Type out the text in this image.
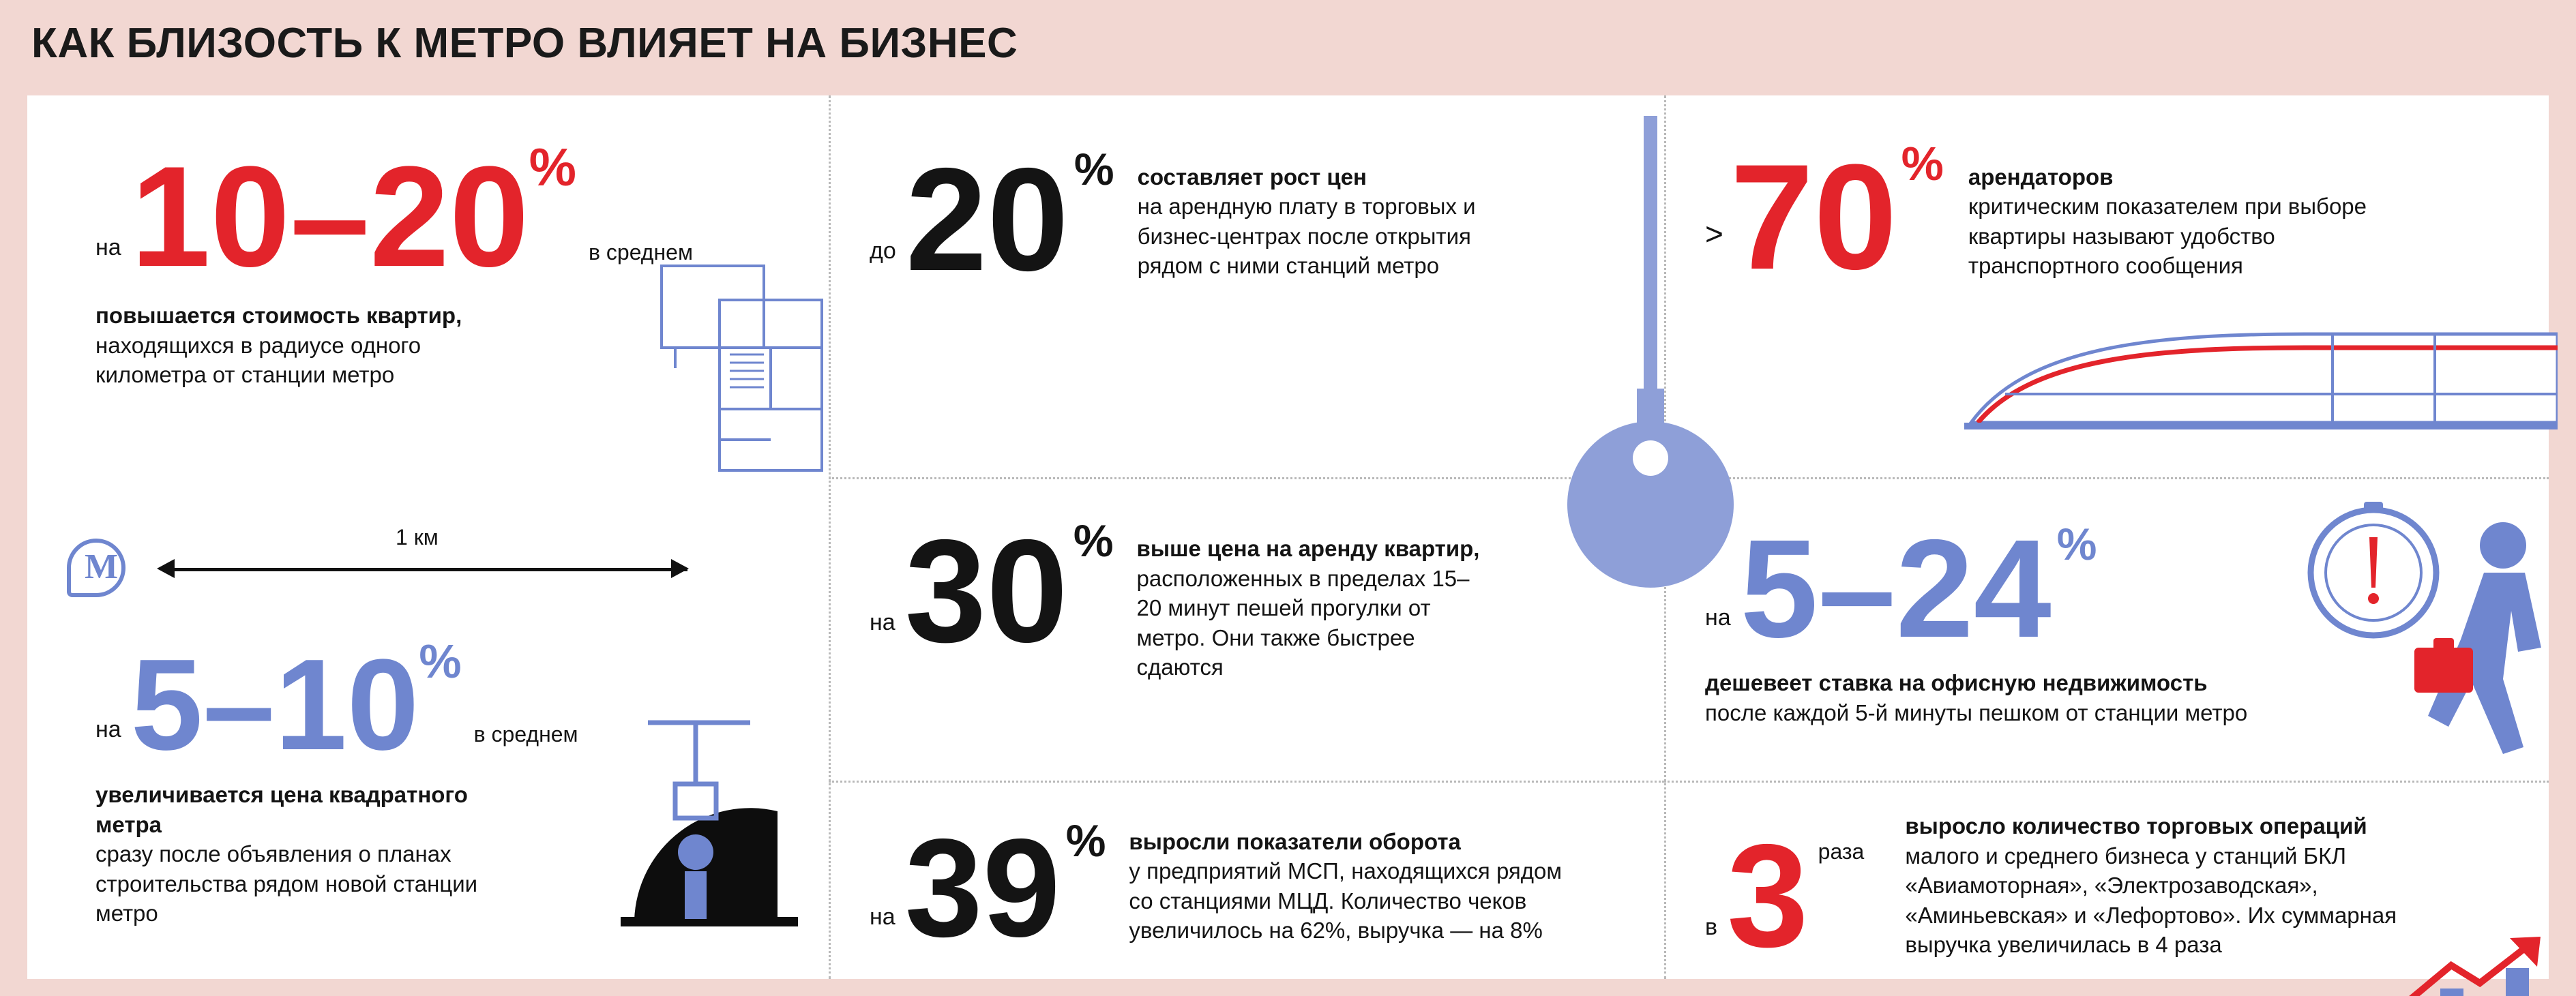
КАК БЛИЗОСТЬ К МЕТРО ВЛИЯЕТ НА БИЗНЕС
на 10–20 %
в среднем
повышается стоимость квартир, находящихся в радиусе одного километра от станции метро
М
1 км
на 5–10 %
в среднем
увеличивается цена квадратного метра
сразу после объявления о планах строительства рядом новой станции метро
до 20 % составляет рост цен
на арендную плату в торговых и бизнес-центрах после открытия рядом с ними станций метро
на 30 % выше цена на аренду квартир,
расположенных в пределах 15–20 минут пешей прогулки от метро. Они также быстрее сдаются
на 39 % выросли показатели оборота
у предприятий МСП, находящихся рядом со станциями МЦД. Количество чеков увеличилось на 62%, выручка — на 8%
> 70 % арендаторов
критическим показателем при выборе квартиры называют удобство транспортного сообщения
на 5–24 %
дешевеет ставка на офисную недвижимость
после каждой 5-й минуты пешком от станции метро
в 3 раза
выросло количество торговых операций
малого и среднего бизнеса у станций БКЛ «Авиамоторная», «Электрозаводская», «Аминьевская» и «Лефортово». Их суммарная выручка увеличилась в 4 раза
